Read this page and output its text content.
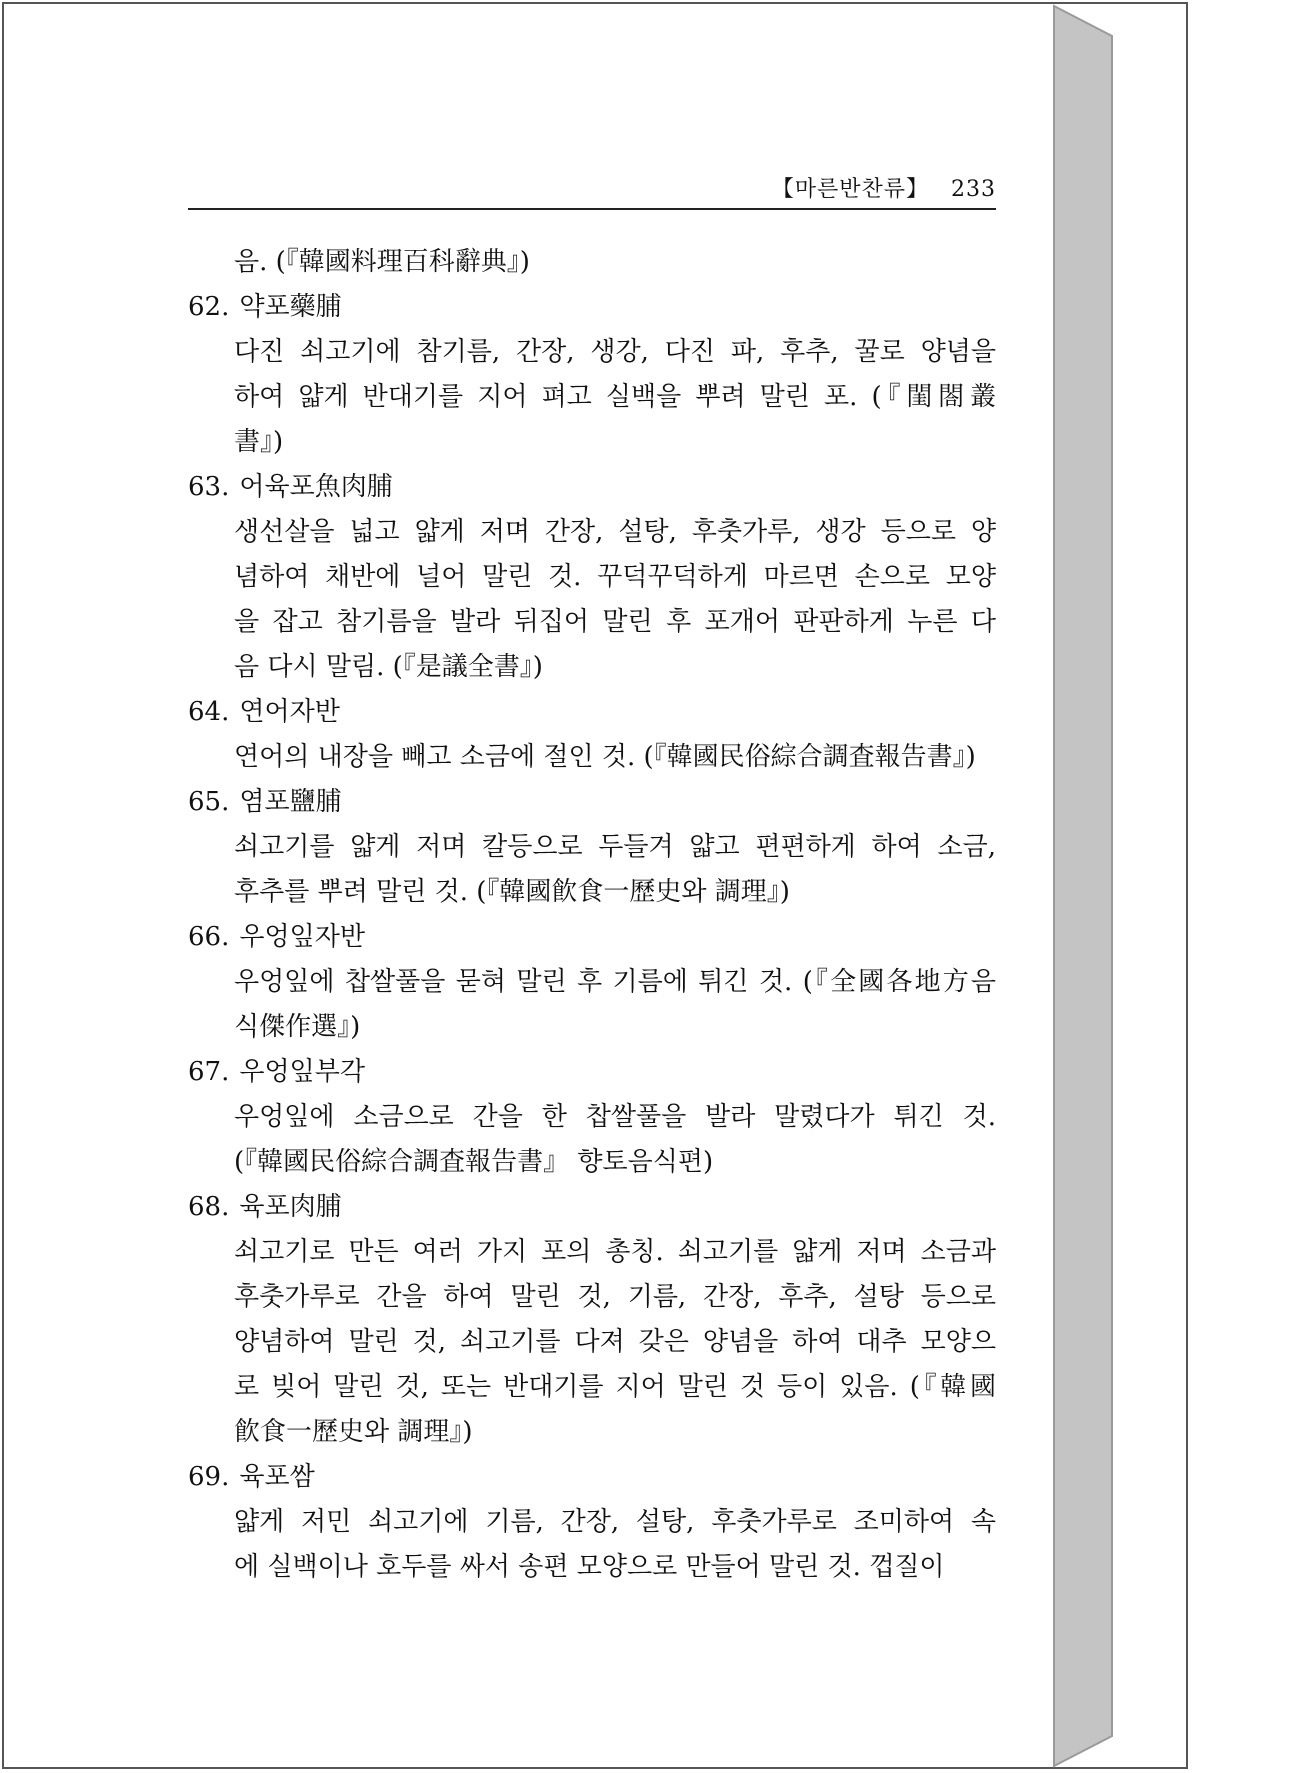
【마른반찬류】 233
음. (『韓國料理百科辭典』)
62. 약포藥脯
다진 쇠고기에 참기름, 간장, 생강, 다진 파, 후추, 꿀로 양념을
하여 얇게 반대기를 지어 펴고 실백을 뿌려 말린 포. (『閨閤叢
書』)
63. 어육포魚肉脯
생선살을 넓고 얇게 저며 간장, 설탕, 후춧가루, 생강 등으로 양
념하여 채반에 널어 말린 것. 꾸덕꾸덕하게 마르면 손으로 모양
을 잡고 참기름을 발라 뒤집어 말린 후 포개어 판판하게 누른 다
음 다시 말림. (『是議全書』)
64. 연어자반
연어의 내장을 빼고 소금에 절인 것. (『韓國民俗綜合調査報告書』)
65. 염포鹽脯
쇠고기를 얇게 저며 칼등으로 두들겨 얇고 편편하게 하여 소금,
후추를 뿌려 말린 것. (『韓國飮食一歷史와 調理』)
66. 우엉잎자반
우엉잎에 찹쌀풀을 묻혀 말린 후 기름에 튀긴 것. (『全國各地方음
식傑作選』)
67. 우엉잎부각
우엉잎에 소금으로 간을 한 찹쌀풀을 발라 말렸다가 튀긴 것.
(『韓國民俗綜合調査報告書』 향토음식편)
68. 육포肉脯
쇠고기로 만든 여러 가지 포의 총칭. 쇠고기를 얇게 저며 소금과
후춧가루로 간을 하여 말린 것, 기름, 간장, 후추, 설탕 등으로
양념하여 말린 것, 쇠고기를 다져 갖은 양념을 하여 대추 모양으
로 빚어 말린 것, 또는 반대기를 지어 말린 것 등이 있음. (『韓國
飮食一歷史와 調理』)
69. 육포쌈
얇게 저민 쇠고기에 기름, 간장, 설탕, 후춧가루로 조미하여 속
에 실백이나 호두를 싸서 송편 모양으로 만들어 말린 것. 껍질이
